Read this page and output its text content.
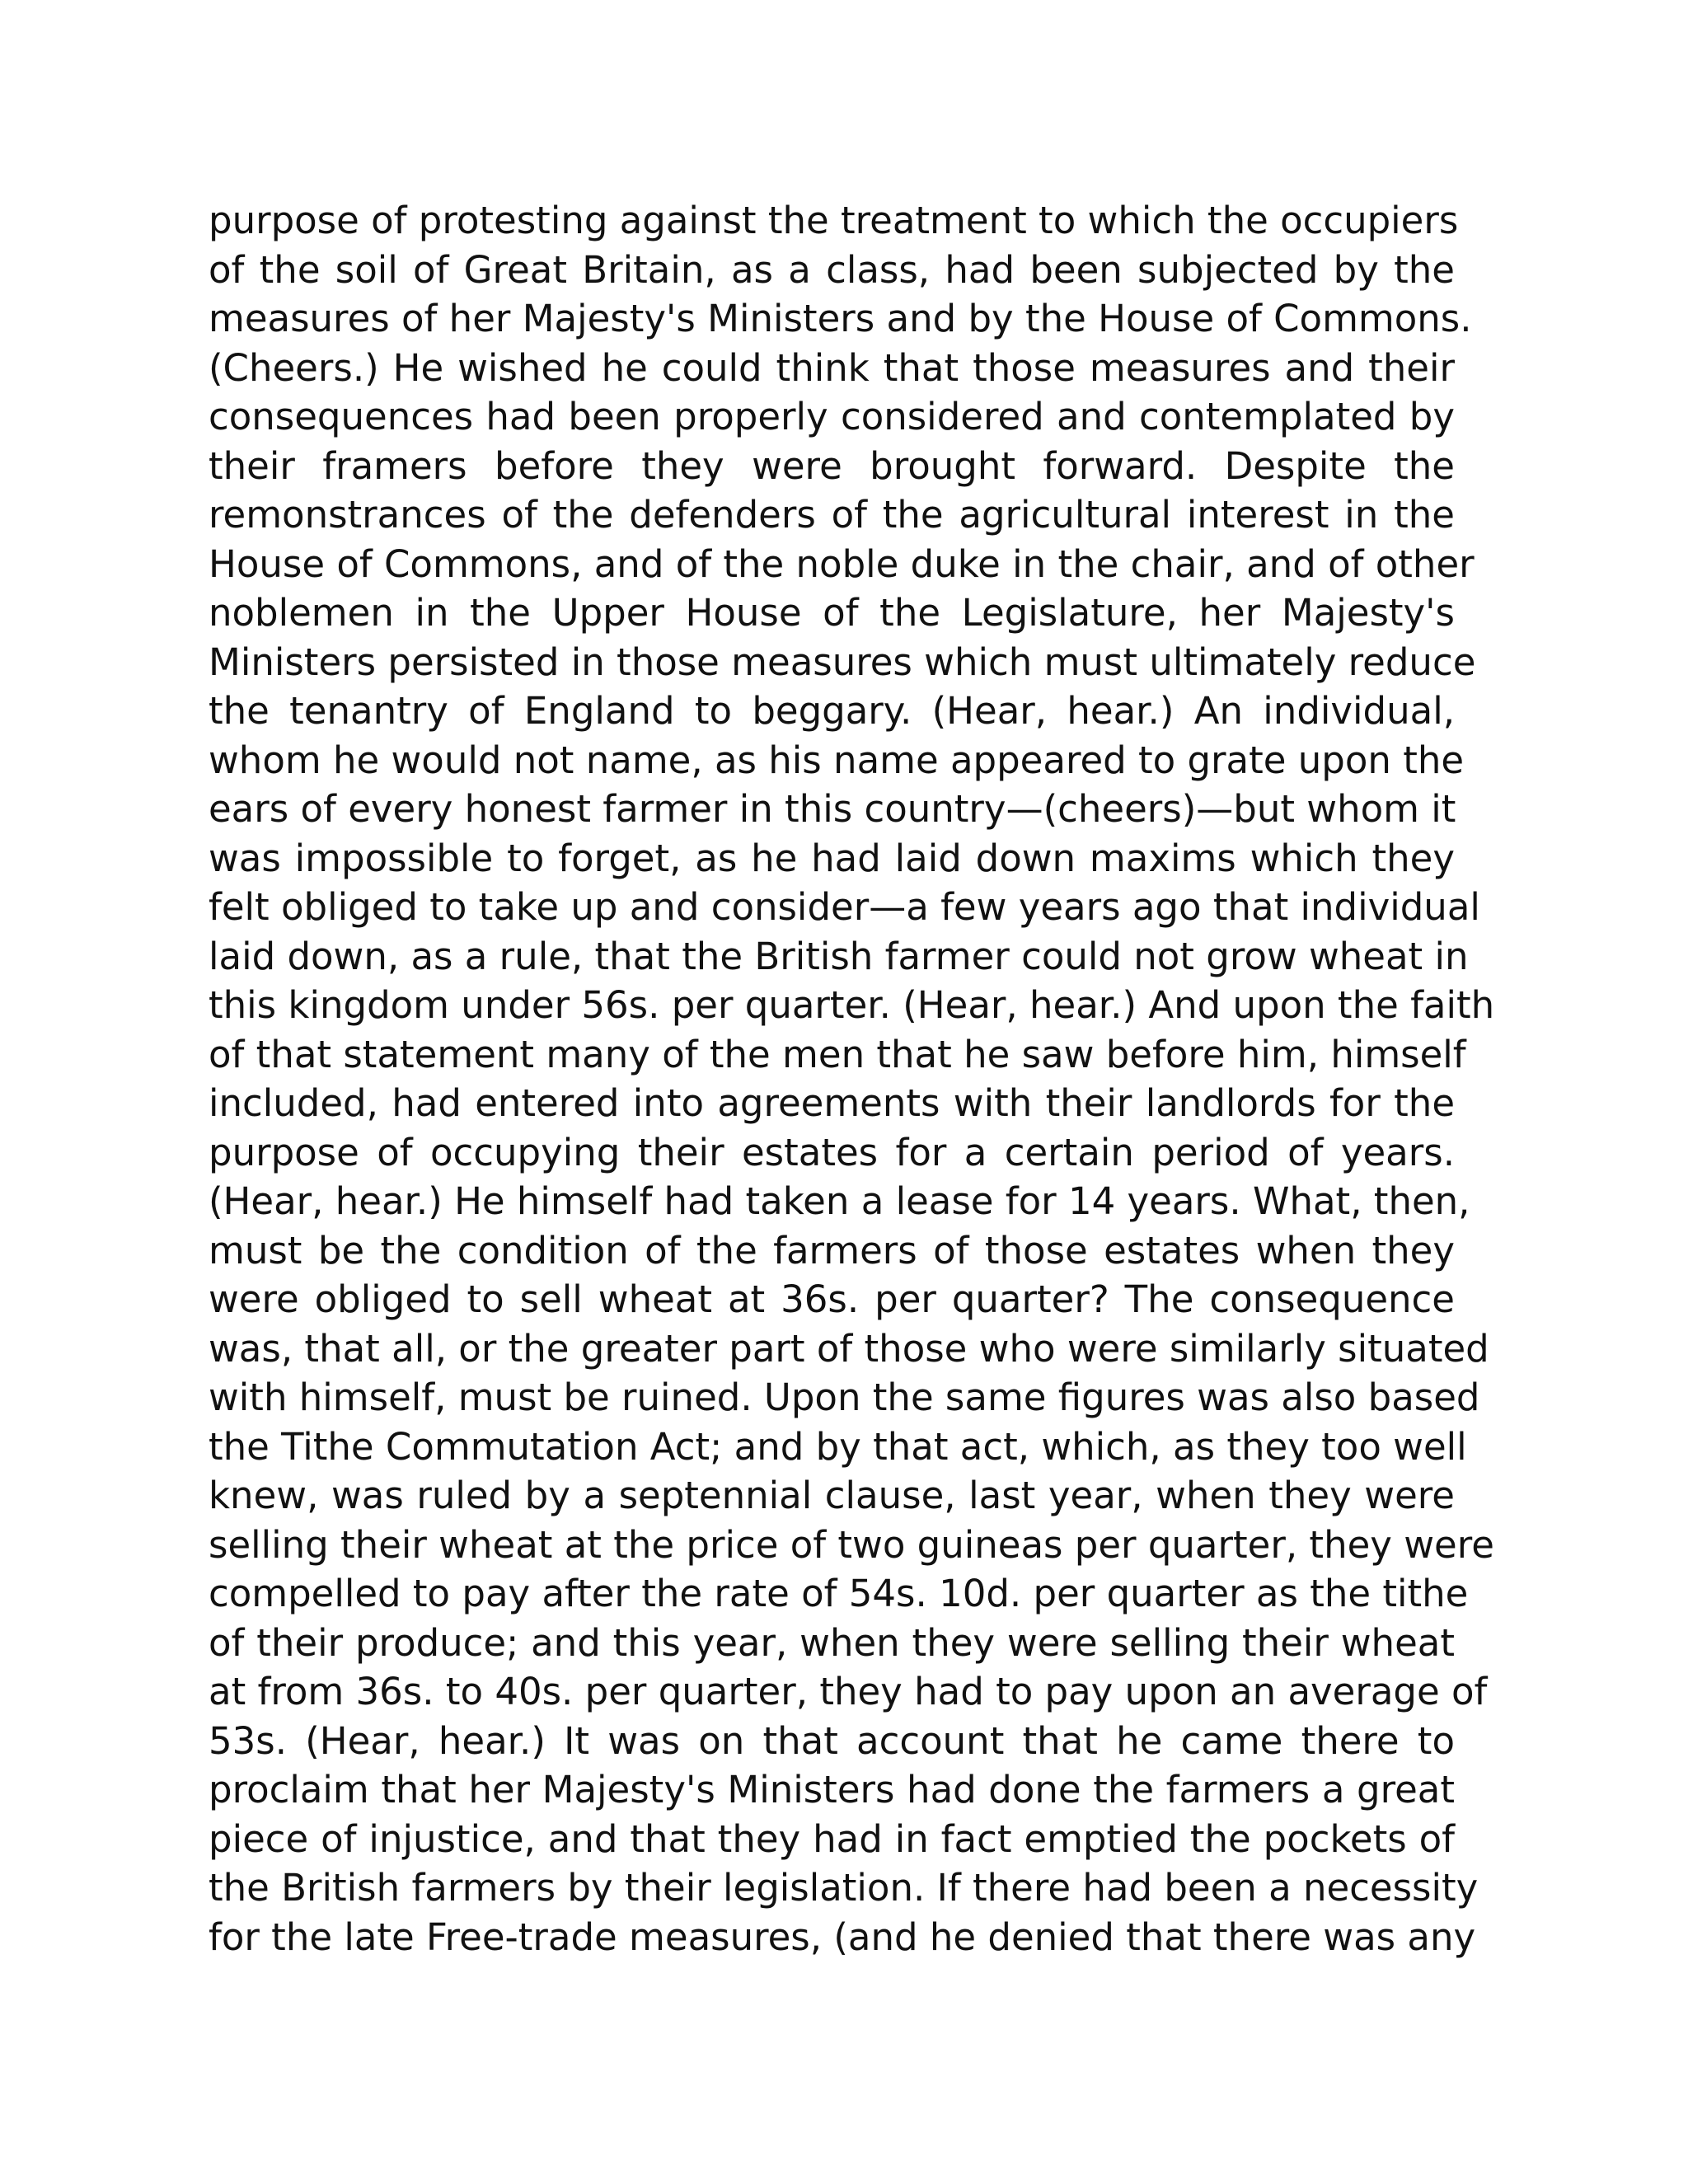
purpose of protesting against the treatment to which the occupiers
of the soil of Great Britain, as a class, had been subjected by the
measures of her Majesty's Ministers and by the House of Commons.
(Cheers.) He wished he could think that those measures and their
consequences had been properly considered and contemplated by
their framers before they were brought forward. Despite the
remonstrances of the defenders of the agricultural interest in the
House of Commons, and of the noble duke in the chair, and of other
noblemen in the Upper House of the Legislature, her Majesty's
Ministers persisted in those measures which must ultimately reduce
the tenantry of England to beggary. (Hear, hear.) An individual,
whom he would not name, as his name appeared to grate upon the
ears of every honest farmer in this country—(cheers)—but whom it
was impossible to forget, as he had laid down maxims which they
felt obliged to take up and consider—a few years ago that individual
laid down, as a rule, that the British farmer could not grow wheat in
this kingdom under 56s. per quarter. (Hear, hear.) And upon the faith
of that statement many of the men that he saw before him, himself
included, had entered into agreements with their landlords for the
purpose of occupying their estates for a certain period of years.
(Hear, hear.) He himself had taken a lease for 14 years. What, then,
must be the condition of the farmers of those estates when they
were obliged to sell wheat at 36s. per quarter? The consequence
was, that all, or the greater part of those who were similarly situated
with himself, must be ruined. Upon the same figures was also based
the Tithe Commutation Act; and by that act, which, as they too well
knew, was ruled by a septennial clause, last year, when they were
selling their wheat at the price of two guineas per quarter, they were
compelled to pay after the rate of 54s. 10d. per quarter as the tithe
of their produce; and this year, when they were selling their wheat
at from 36s. to 40s. per quarter, they had to pay upon an average of
53s. (Hear, hear.) It was on that account that he came there to
proclaim that her Majesty's Ministers had done the farmers a great
piece of injustice, and that they had in fact emptied the pockets of
the British farmers by their legislation. If there had been a necessity
for the late Free-trade measures, (and he denied that there was any
